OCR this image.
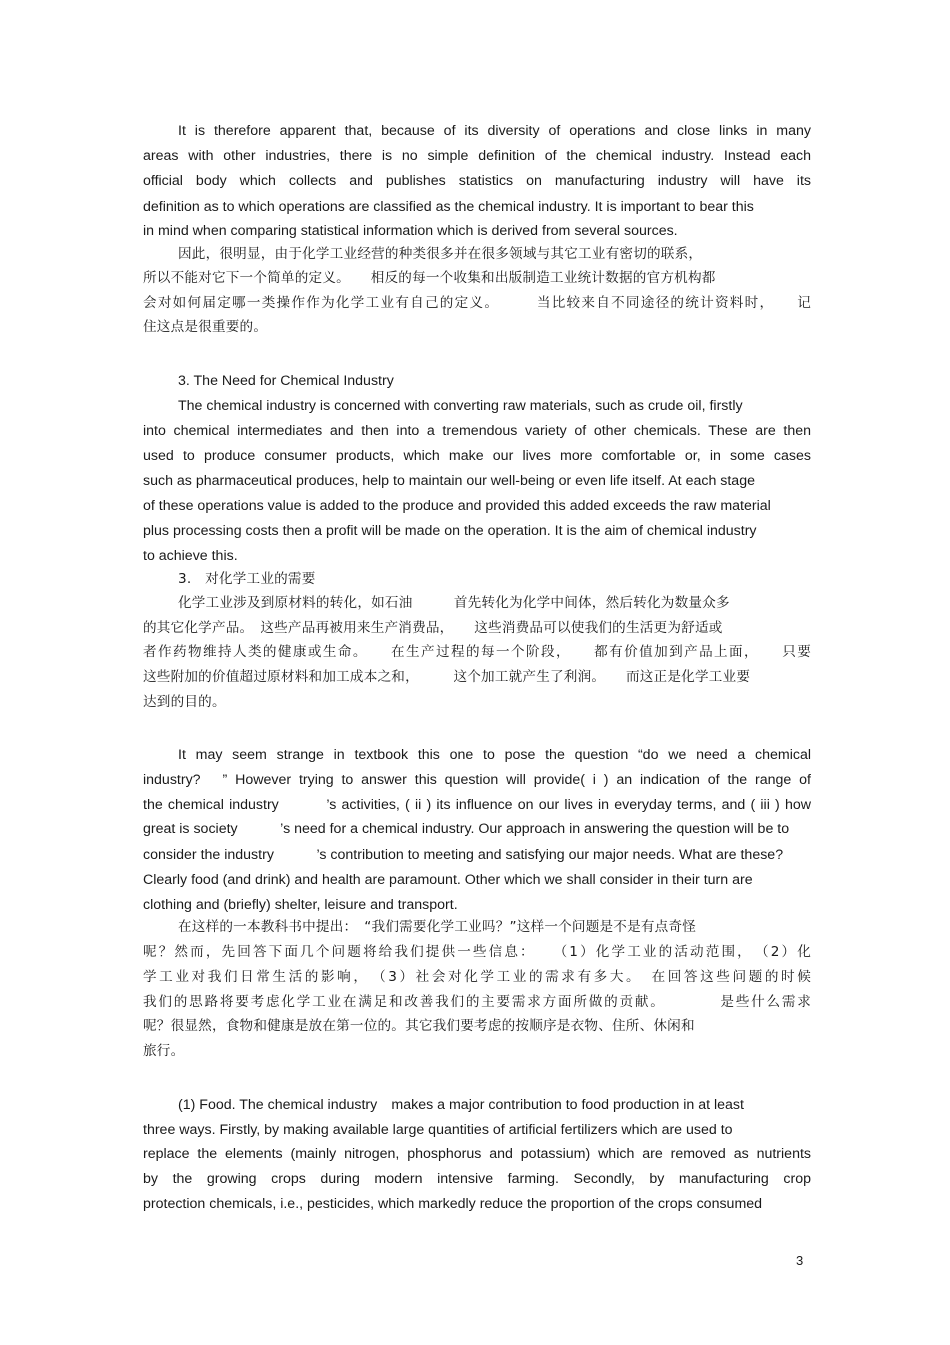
It is therefore apparent that, because of its diversity of operations and close links in many
areas with other industries, there is no simple definition of the chemical industry. Instead each
official body which collects and publishes statistics on manufacturing industry will have its
definition as to which operations are classified as the chemical industry. It is important to bear this
in mind when comparing statistical information which is derived from several sources.
因此，很明显，由于化学工业经营的种类很多并在很多领域与其它工业有密切的联系，
所以不能对它下一个简单的定义。　　相反的每一个收集和出版制造工业统计数据的官方机构都
会对如何届定哪一类操作作为化学工业有自己的定义。　　　当比较来自不同途径的统计资料时，　　记
住这点是很重要的。
3. The Need for Chemical Industry
The chemical industry is concerned with converting raw materials, such as crude oil, firstly
into chemical intermediates and then into a tremendous variety of other chemicals. These are then
used to produce consumer products, which make our lives more comfortable or, in some cases
such as pharmaceutical produces, help to maintain our well-being or even life itself. At each stage
of these operations value is added to the produce and provided this added exceeds the raw material
plus processing costs then a profit will be made on the operation. It is the aim of chemical industry
to achieve this.
3.　对化学工业的需要
化学工业涉及到原材料的转化，如石油　　　首先转化为化学中间体，然后转化为数量众多
的其它化学产品。　这些产品再被用来生产消费品，　　这些消费品可以使我们的生活更为舒适或
者作药物维持人类的健康或生命。　　在生产过程的每一个阶段，　　都有价值加到产品上面，　　只要
这些附加的价值超过原材料和加工成本之和，　　　这个加工就产生了利润。　　而这正是化学工业要
达到的目的。
It may seem strange in textbook this one to pose the question “do we need a chemical
industry?　” However trying to answer this question will provide( i ) an indication of the range of
the chemical industry　　　’s activities, ( ii ) its influence on our lives in everyday terms, and ( iii ) how
great is society　　　’s need for a chemical industry. Our approach in answering the question will be to
consider the industry　　　’s contribution to meeting and satisfying our major needs. What are these?
Clearly food (and drink) and health are paramount. Other which we shall consider in their turn are
clothing and (briefly) shelter, leisure and transport.
在这样的一本教科书中提出：　“我们需要化学工业吗？”这样一个问题是不是有点奇怪
呢？然而，先回答下面几个问题将给我们提供一些信息：　　（1）化学工业的活动范围，　（2）化
学工业对我们日常生活的影响，　（3）社会对化学工业的需求有多大。　在回答这些问题的时候
我们的思路将要考虑化学工业在满足和改善我们的主要需求方面所做的贡献。　　　　是些什么需求
呢？很显然，食物和健康是放在第一位的。其它我们要考虑的按顺序是衣物、住所、休闲和
旅行。
(1) Food. The chemical industry　makes a major contribution to food production in at least
three ways. Firstly, by making available large quantities of artificial fertilizers which are used to
replace the elements (mainly nitrogen, phosphorus and potassium) which are removed as nutrients
by the growing crops during modern intensive farming. Secondly, by manufacturing crop
protection chemicals, i.e., pesticides, which markedly reduce the proportion of the crops consumed
3
